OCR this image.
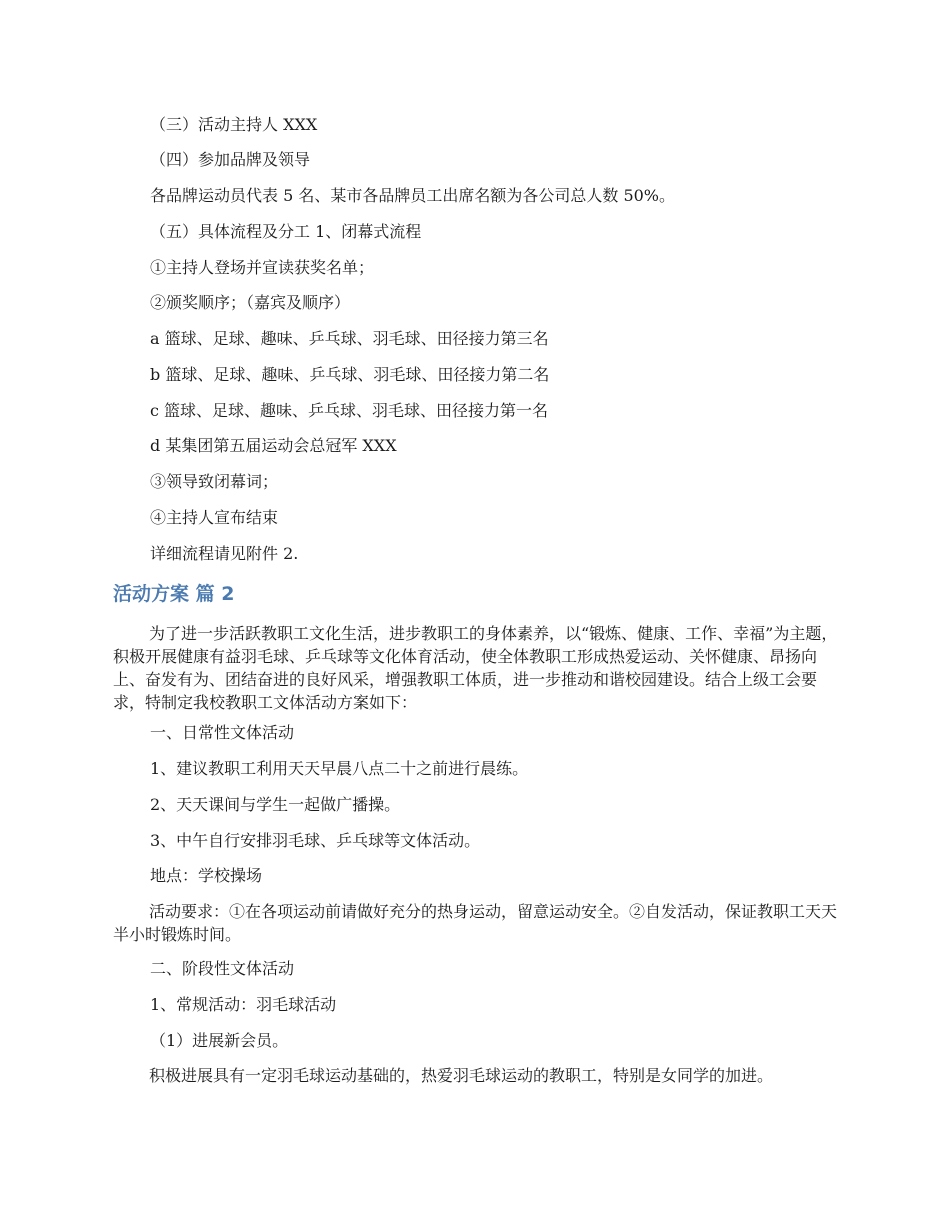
（三）活动主持人 XXX

（四）参加品牌及领导

各品牌运动员代表 5 名、某市各品牌员工出席名额为各公司总人数 50%。

（五）具体流程及分工 1、闭幕式流程

①主持人登场并宣读获奖名单；

②颁奖顺序；（嘉宾及顺序）

a 篮球、足球、趣味、乒乓球、羽毛球、田径接力第三名

b 篮球、足球、趣味、乒乓球、羽毛球、田径接力第二名

c 篮球、足球、趣味、乒乓球、羽毛球、田径接力第一名

d 某集团第五届运动会总冠军 XXX

③领导致闭幕词；

④主持人宣布结束

详细流程请见附件 2.

活动方案 篇 2

为了进一步活跃教职工文化生活，进步教职工的身体素养，以“锻炼、健康、工作、幸福”为主题，积极开展健康有益羽毛球、乒乓球等文化体育活动，使全体教职工形成热爱运动、关怀健康、昂扬向上、奋发有为、团结奋进的良好风采，增强教职工体质，进一步推动和谐校园建设。结合上级工会要求，特制定我校教职工文体活动方案如下：

一、日常性文体活动

1、建议教职工利用天天早晨八点二十之前进行晨练。

2、天天课间与学生一起做广播操。

3、中午自行安排羽毛球、乒乓球等文体活动。

地点：学校操场

活动要求：①在各项运动前请做好充分的热身运动，留意运动安全。②自发活动，保证教职工天天半小时锻炼时间。

二、阶段性文体活动

1、常规活动：羽毛球活动

（1）进展新会员。

积极进展具有一定羽毛球运动基础的，热爱羽毛球运动的教职工，特别是女同学的加进。
